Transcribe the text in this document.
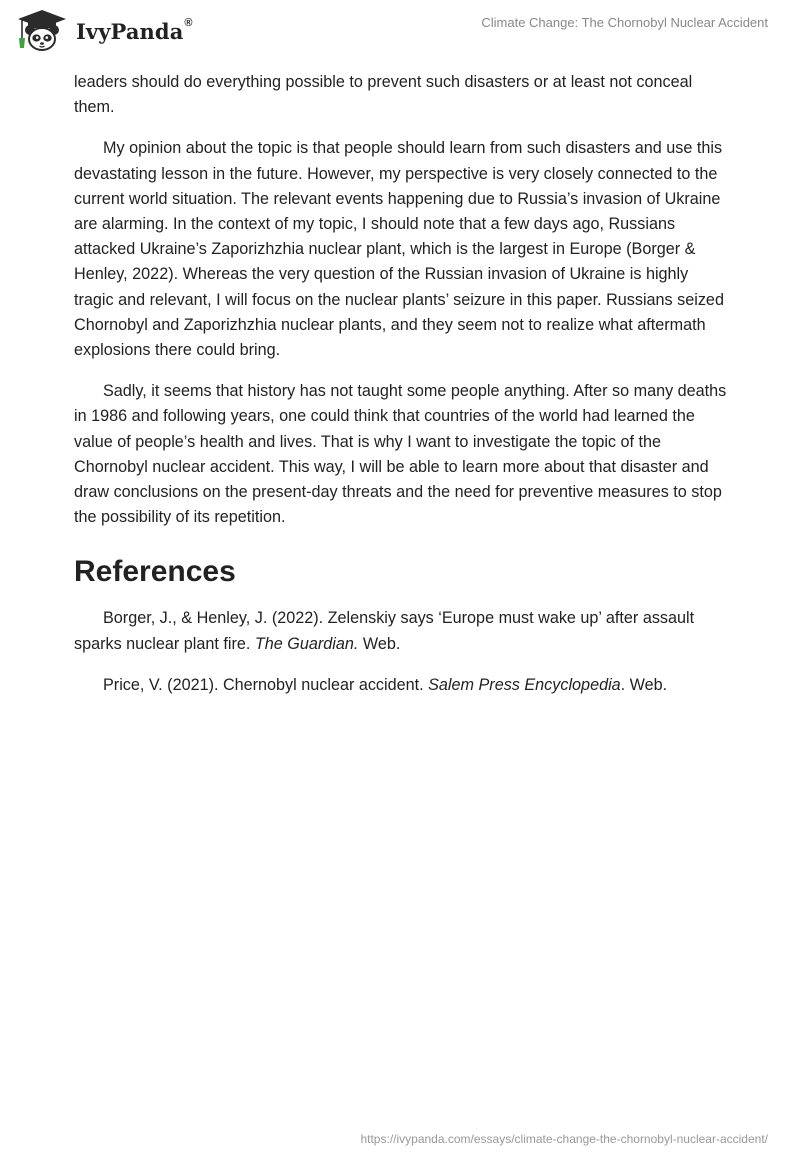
IvyPanda®	Climate Change: The Chornobyl Nuclear Accident

leaders should do everything possible to prevent such disasters or at least not conceal them.

My opinion about the topic is that people should learn from such disasters and use this devastating lesson in the future. However, my perspective is very closely connected to the current world situation. The relevant events happening due to Russia’s invasion of Ukraine are alarming. In the context of my topic, I should note that a few days ago, Russians attacked Ukraine’s Zaporizhzhia nuclear plant, which is the largest in Europe (Borger & Henley, 2022). Whereas the very question of the Russian invasion of Ukraine is highly tragic and relevant, I will focus on the nuclear plants’ seizure in this paper. Russians seized Chornobyl and Zaporizhzhia nuclear plants, and they seem not to realize what aftermath explosions there could bring.

Sadly, it seems that history has not taught some people anything. After so many deaths in 1986 and following years, one could think that countries of the world had learned the value of people’s health and lives. That is why I want to investigate the topic of the Chornobyl nuclear accident. This way, I will be able to learn more about that disaster and draw conclusions on the present-day threats and the need for preventive measures to stop the possibility of its repetition.

References

Borger, J., & Henley, J. (2022). Zelenskiy says ‘Europe must wake up’ after assault sparks nuclear plant fire. The Guardian. Web.

Price, V. (2021). Chernobyl nuclear accident. Salem Press Encyclopedia. Web.

https://ivypanda.com/essays/climate-change-the-chornobyl-nuclear-accident/
